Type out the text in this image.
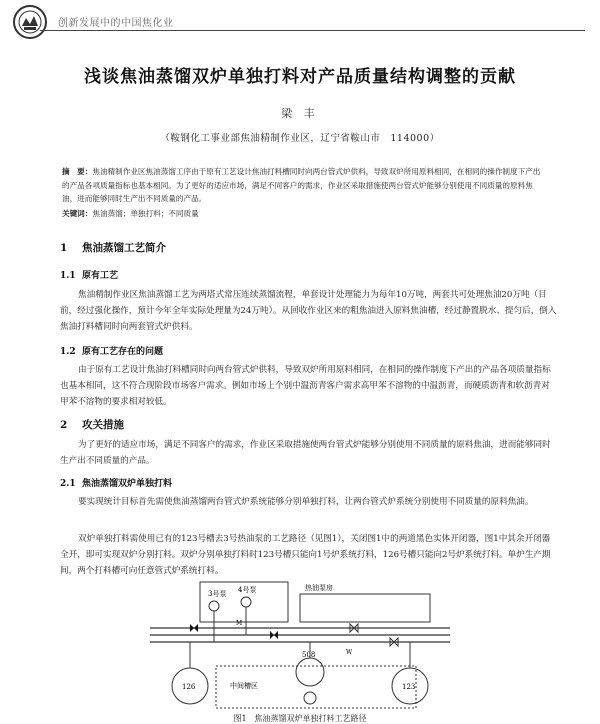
创新发展中的中国焦化业
浅谈焦油蒸馏双炉单独打料对产品质量结构调整的贡献
梁 丰
（鞍钢化工事业部焦油精制作业区，辽宁省鞍山市　114000）
摘　要：焦油精制作业区焦油蒸馏工序由于原有工艺设计焦油打料槽同时向两台管式炉供料，导致双炉所用原料相同，在相同的操作制度下产出的产品各项质量指标也基本相同。为了更好的适应市场，满足不同客户的需求，作业区采取措施使两台管式炉能够分别使用不同质量的原料焦油，进而能够同时生产出不同质量的产品。
关键词：焦油蒸馏；单独打料；不同质量
1 焦油蒸馏工艺简介
1.1 原有工艺
焦油精制作业区焦油蒸馏工艺为两塔式常压连续蒸馏流程，单套设计处理能力为每年10万吨，两套共可处理焦油20万吨（目前，经过强化操作，预计今年全年实际处理量为24万吨）。从回收作业区来的粗焦油进入原料焦油槽，经过静置脱水、提匀后，倒入焦油打料槽同时向两套管式炉供料。
1.2 原有工艺存在的问题
由于原有工艺设计焦油打料槽同时向两台管式炉供料，导致双炉所用原料相同，在相同的操作制度下产出的产品各项质量指标也基本相同，这不符合现阶段市场客户需求。例如市场上个别中温沥青客户需求高甲苯不溶物的中温沥青，而硬质沥青和软沥青对甲苯不溶物的要求相对较低。
2 攻关措施
为了更好的适应市场，满足不同客户的需求，作业区采取措施使两台管式炉能够分别使用不同质量的原料焦油，进而能够同时生产出不同质量的产品。
2.1 焦油蒸馏双炉单独打料
要实现统计目标首先需使焦油蒸馏两台管式炉系统能够分别单独打料，让两台管式炉系统分别使用不同质量的原料焦油。
双炉单独打料需使用已有的123号槽去3号热油泵的工艺路径（见图1），关闭图1中的两道黑色实体开闭器，图1中其余开闭器全开，即可实现双炉分别打料。双炉分别单独打料时123号槽只能向1号炉系统打料，126号槽只能向2号炉系统打料。单炉生产期间，两个打料槽可向任意管式炉系统打料。
3号泵 4号泵	热油泵房
M
508
126	123
中间槽区
W
图1　焦油蒸馏双炉单独打料工艺路径
